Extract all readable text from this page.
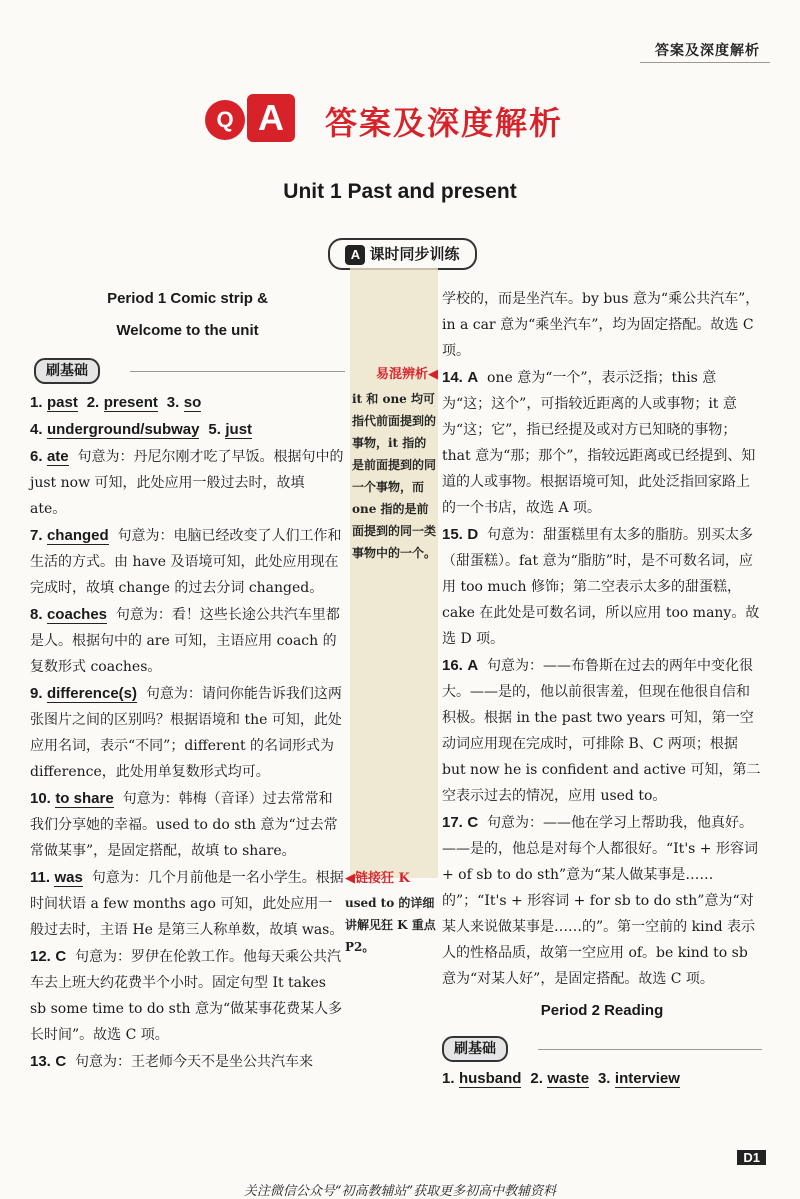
答案及深度解析
Q A	答案及深度解析
Unit 1 Past and present
A 课时同步训练
Period 1 Comic strip &
Welcome to the unit
刷基础

1. past 2. present 3. so

4. underground/subway 5. just

6. ate  句意为：丹尼尔刚才吃了早饭。根据句中的 just now 可知，此处应用一般过去时，故填 ate。

7. changed  句意为：电脑已经改变了人们工作和生活的方式。由 have 及语境可知，此处应用现在完成时，故填 change 的过去分词 changed。

8. coaches  句意为：看！这些长途公共汽车里都是人。根据句中的 are 可知，主语应用 coach 的复数形式 coaches。

9. difference(s)  句意为：请问你能告诉我们这两张图片之间的区别吗？根据语境和 the 可知，此处应用名词，表示“不同”；different 的名词形式为 difference，此处用单复数形式均可。

10. to share  句意为：韩梅（音译）过去常常和我们分享她的幸福。used to do sth 意为“过去常常做某事”，是固定搭配，故填 to share。

11. was  句意为：几个月前他是一名小学生。根据时间状语 a few months ago 可知，此处应用一般过去时，主语 He 是第三人称单数，故填 was。

12. C  句意为：罗伊在伦敦工作。他每天乘公共汽车去上班大约花费半个小时。固定句型 It takes sb some time to do sth 意为“做某事花费某人多长时间”。故选 C 项。

13. C  句意为：王老师今天不是坐公共汽车来

易混辨析◀
it 和 one 均可指代前面提到的事物，it 指的是前面提到的同一个事物，而 one 指的是前面提到的同一类事物中的一个。
◀链接狂 K
used to 的详细讲解见狂 K 重点 P2。

学校的，而是坐汽车。by bus 意为“乘公共汽车”，in a car 意为“乘坐汽车”，均为固定搭配。故选 C 项。

14. A  one 意为“一个”，表示泛指；this 意为“这；这个”，可指较近距离的人或事物；it 意为“这；它”，指已经提及或对方已知晓的事物；that 意为“那；那个”，指较远距离或已经提到、知道的人或事物。根据语境可知，此处泛指回家路上的一个书店，故选 A 项。

15. D  句意为：甜蛋糕里有太多的脂肪。别买太多（甜蛋糕）。fat 意为“脂肪”时，是不可数名词，应用 too much 修饰；第二空表示太多的甜蛋糕，cake 在此处是可数名词，所以应用 too many。故选 D 项。

16. A  句意为：——布鲁斯在过去的两年中变化很大。——是的，他以前很害羞，但现在他很自信和积极。根据 in the past two years 可知，第一空动词应用现在完成时，可排除 B、C 两项；根据 but now he is confident and active 可知，第二空表示过去的情况，应用 used to。

17. C  句意为：——他在学习上帮助我，他真好。——是的，他总是对每个人都很好。“It's + 形容词 + of sb to do sth”意为“某人做某事是……的”；“It's + 形容词 + for sb to do sth”意为“对某人来说做某事是……的”。第一空前的 kind 表示人的性格品质，故第一空应用 of。be kind to sb 意为“对某人好”，是固定搭配。故选 C 项。

Period 2 Reading
刷基础

1. husband 2. waste 3. interview

D1
关注微信公众号“初高教辅站”获取更多初高中教辅资料
